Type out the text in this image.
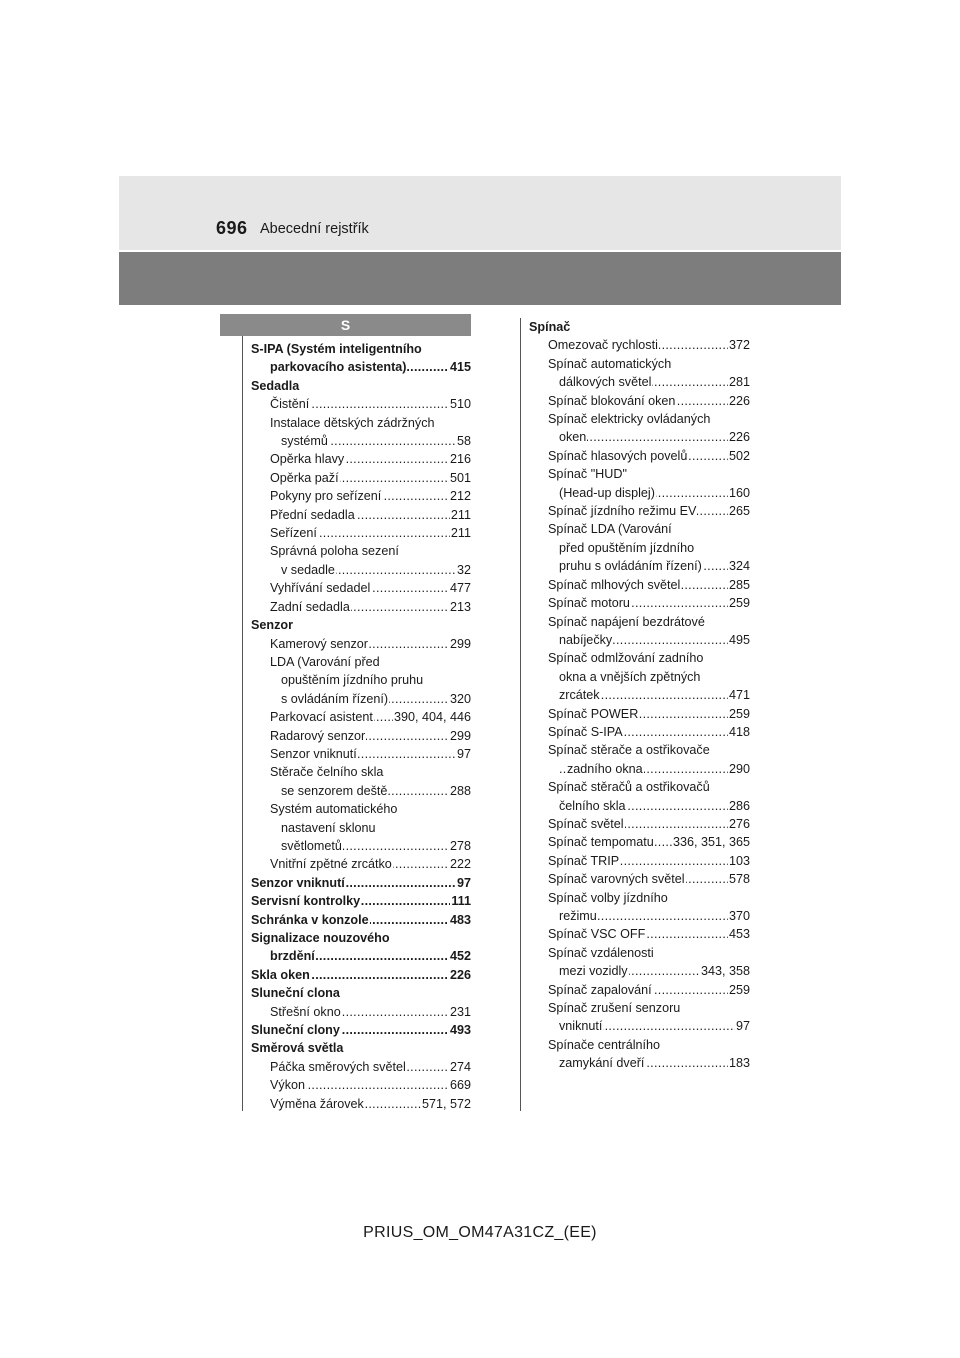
696 Abecední rejstřík
S
S-IPA (Systém inteligentního
parkovacího asistenta)	415
.....
Sedadla
Čistění	510
.....
Instalace dětských zádržných
systémů	58
.....
Opěrka hlavy	216
.....
Opěrka paží	501
.....
Pokyny pro seřízení	212
.....
Přední sedadla	211
.....
Seřízení	211
.....
Správná poloha sezení
v sedadle	32
.....
Vyhřívání sedadel	477
.....
Zadní sedadla	213
.....
Senzor
Kamerový senzor	299
.....
LDA (Varování před
opuštěním jízdního pruhu
s ovládáním řízení)	320
.....
Parkovací asistent 390, 404, 446
.....
Radarový senzor	299
.....
Senzor vniknutí	97
.....
Stěrače čelního skla
se senzorem deště	288
.....
Systém automatického
nastavení sklonu
světlometů	278
.....
Vnitřní zpětné zrcátko	222
.....
Senzor vniknutí	97
.....
Servisní kontrolky	111
.....
Schránka v konzole	483
.....
Signalizace nouzového
brzdění	452
.....
Skla oken	226
.....
Sluneční clona
Střešní okno	231
.....
Sluneční clony	493
.....
Směrová světla
Páčka směrových světel	274
.....
Výkon	669
.....
Výměna žárovek	571, 572
.....
Spínač
Omezovač rychlosti	372
.....
Spínač automatických
dálkových světel	281
.....
Spínač blokování oken	226
.....
Spínač elektricky ovládaných
oken	226
.....
Spínač hlasových povelů	502
.....
Spínač "HUD"
(Head-up displej)	160
.....
Spínač jízdního režimu EV	265
.....
Spínač LDA (Varování
před opuštěním jízdního
pruhu s ovládáním řízení) 324
.....
Spínač mlhových světel	285
.....
Spínač motoru	259
.....
Spínač napájení bezdrátové
nabíječky	495
.....
Spínač odmlžování zadního
okna a vnějších zpětných
zrcátek	471
.....
Spínač POWER	259
.....
Spínač S-IPA	418
.....
Spínač stěrače a ostřikovače
zadního okna	290
.....
Spínač stěračů a ostřikovačů
čelního skla	286
.....
Spínač světel	276
.....
Spínač tempomatu 336, 351, 365
.....
Spínač TRIP	103
.....
Spínač varovných světel	578
.....
Spínač volby jízdního
režimu	370
.....
Spínač VSC OFF	453
.....
Spínač vzdálenosti
mezi vozidly	343, 358
.....
Spínač zapalování	259
.....
Spínač zrušení senzoru
vniknutí	97
.....
Spínače centrálního
zamykání dveří	183
.....
PRIUS_OM_OM47A31CZ_(EE)
